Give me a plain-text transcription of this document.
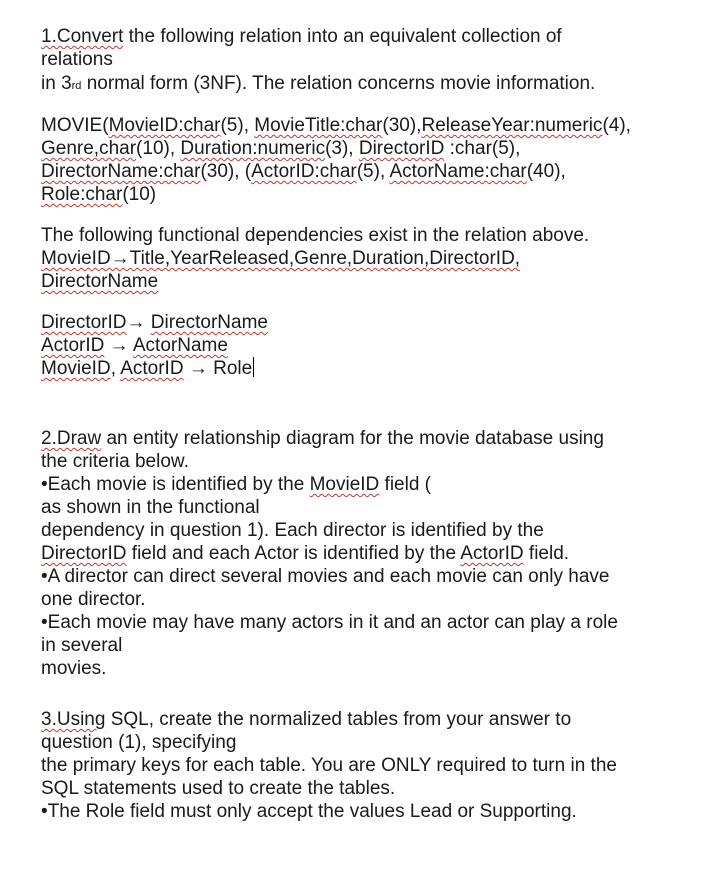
1.Convert the following relation into an equivalent collection of
relations
in 3rd normal form (3NF). The relation concerns movie information.
MOVIE(MovieID:char(5), MovieTitle:char(30),ReleaseYear:numeric(4),
Genre,char(10), Duration:numeric(3), DirectorID :char(5),
DirectorName:char(30), (ActorID:char(5), ActorName:char(40),
Role:char(10)
The following functional dependencies exist in the relation above.
MovieID→Title,YearReleased,Genre,Duration,DirectorID,
DirectorName
DirectorID→ DirectorName
ActorID → ActorName
MovieID, ActorID → Role
2.Draw an entity relationship diagram for the movie database using
the criteria below.
•Each movie is identified by the MovieID field (
as shown in the functional
dependency in question 1). Each director is identified by the
DirectorID field and each Actor is identified by the ActorID field.
•A director can direct several movies and each movie can only have
one director.
•Each movie may have many actors in it and an actor can play a role
in several
movies.
3.Using SQL, create the normalized tables from your answer to
question (1), specifying
the primary keys for each table. You are ONLY required to turn in the
SQL statements used to create the tables.
•The Role field must only accept the values Lead or Supporting.
